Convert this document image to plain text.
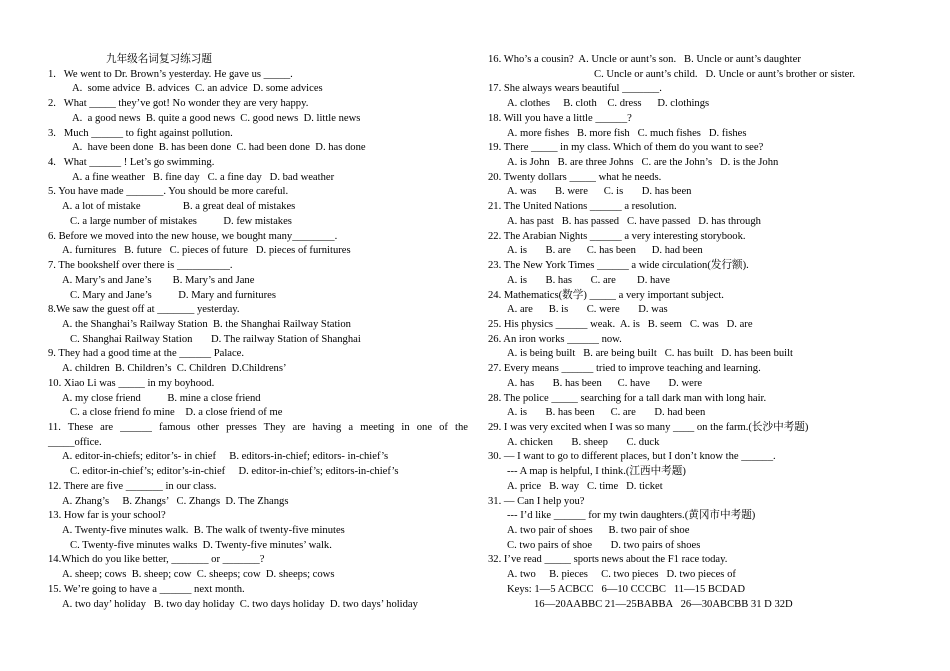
九年级名词复习练习题
1.   We went to Dr. Brown’s yesterday. He gave us _____.
A.  some advice  B. advices  C. an advice  D. some advices
2.   What _____ they’ve got! No wonder they are very happy.
A.  a good news  B. quite a good news  C. good news  D. little news
3.   Much ______ to fight against pollution.
A.  have been done  B. has been done  C. had been done  D. has done
4.   What ______ ! Let’s go swimming.
A. a fine weather   B. fine day   C. a fine day   D. bad weather
5. You have made _______. You should be more careful.
A. a lot of mistake                B. a great deal of mistakes
C. a large number of mistakes          D. few mistakes
6. Before we moved into the new house, we bought many________.
A. furnitures   B. future   C. pieces of future   D. pieces of furnitures
7. The bookshelf over there is __________.
A. Mary’s and Jane’s        B. Mary’s and Jane
C. Mary and Jane’s          D. Mary and furnitures
8.We saw the guest off at _______ yesterday.
A. the Shanghai’s Railway Station  B. the Shanghai Railway Station
C. Shanghai Railway Station       D. The railway Station of Shanghai
9. They had a good time at the ______ Palace.
A. children  B. Children’s  C. Children  D.Childrens’
10. Xiao Li was _____ in my boyhood.
A. my close friend          B. mine a close friend
C. a close friend fo mine    D. a close friend of me
11. These are ______ famous other presses They are having a meeting in one of the
_____office.
A. editor-in-chiefs; editor’s- in chief     B. editors-in-chief; editors- in-chief’s
C. editor-in-chief’s; editor’s-in-chief     D. editor-in-chief’s; editors-in-chief’s
12. There are five _______ in our class.
A. Zhang’s     B. Zhangs’   C. Zhangs  D. The Zhangs
13. How far is your school?
A. Twenty-five minutes walk.  B. The walk of twenty-five minutes
C. Twenty-five minutes walks  D. Twenty-five minutes’ walk.
14.Which do you like better, _______ or _______?
A. sheep; cows  B. sheep; cow  C. sheeps; cow  D. sheeps; cows
15. We’re going to have a ______ next month.
A. two day’ holiday   B. two day holiday  C. two days holiday  D. two days’ holiday
16. Who’s a cousin?  A. Uncle or aunt’s son.   B. Uncle or aunt’s daughter
C. Uncle or aunt’s child.   D. Uncle or aunt’s brother or sister.
17. She always wears beautiful _______.
A. clothes     B. cloth    C. dress      D. clothings
18. Will you have a little ______?
A. more fishes   B. more fish   C. much fishes   D. fishes
19. There _____ in my class. Which of them do you want to see?
A. is John   B. are three Johns   C. are the John’s   D. is the John
20. Twenty dollars _____ what he needs.
A. was       B. were      C. is       D. has been
21. The United Nations ______ a resolution.
A. has past   B. has passed   C. have passed   D. has through
22. The Arabian Nights ______ a very interesting storybook.
A. is       B. are      C. has been      D. had been
23. The New York Times ______ a wide circulation(发行额).
A. is       B. has       C. are        D. have
24. Mathematics(数学) _____ a very important subject.
A. are      B. is       C. were       D. was
25. His physics ______ weak.  A. is   B. seem   C. was   D. are
26. An iron works ______ now.
A. is being built   B. are being built   C. has built   D. has been built
27. Every means ______ tried to improve teaching and learning.
A. has       B. has been      C. have       D. were
28. The police _____ searching for a tall dark man with long hair.
A. is       B. has been      C. are       D. had been
29. I was very excited when I was so many ____ on the farm.(长沙中考题)
A. chicken       B. sheep       C. duck
30. — I want to go to different places, but I don’t know the ______.
--- A map is helpful, I think.(江西中考题)
A. price   B. way   C. time   D. ticket
31. — Can I help you?
--- I’d like ______ for my twin daughters.(黄冈市中考题)
A. two pair of shoes      B. two pair of shoe
C. two pairs of shoe       D. two pairs of shoes
32. I’ve read _____ sports news about the F1 race today.
A. two     B. pieces     C. two pieces   D. two pieces of
Keys: 1—5 ACBCC   6—10 CCCBC   11—15 BCDAD
16—20AABBC 21—25BABBA   26—30ABCBB 31 D 32D
